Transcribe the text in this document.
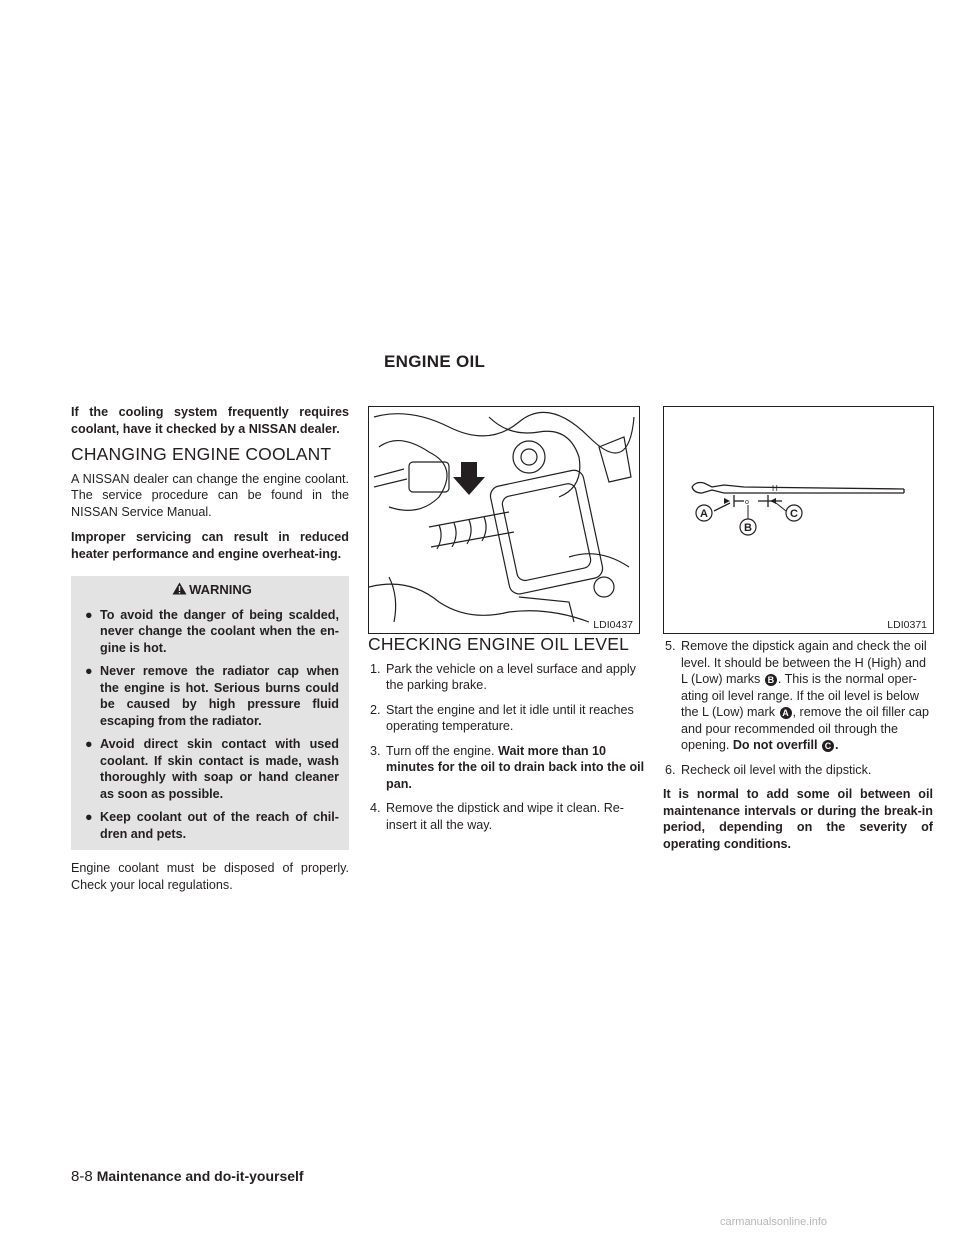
ENGINE OIL

If the cooling system frequently requires coolant, have it checked by a NISSAN dealer.

CHANGING ENGINE COOLANT

A NISSAN dealer can change the engine coolant. The service procedure can be found in the NISSAN Service Manual.

Improper servicing can result in reduced heater performance and engine overheat-ing.

WARNING
● To avoid the danger of being scalded, never change the coolant when the en-gine is hot.
● Never remove the radiator cap when the engine is hot. Serious burns could be caused by high pressure fluid escaping from the radiator.
● Avoid direct skin contact with used coolant. If skin contact is made, wash thoroughly with soap or hand cleaner as soon as possible.
● Keep coolant out of the reach of chil-dren and pets.

Engine coolant must be disposed of properly. Check your local regulations.

LDI0437
o
H
A
B
C
LDI0371
CHECKING ENGINE OIL LEVEL
1. Park the vehicle on a level surface and apply the parking brake.
2. Start the engine and let it idle until it reaches operating temperature.
3. Turn off the engine. Wait more than 10 minutes for the oil to drain back into the oil pan.
4. Remove the dipstick and wipe it clean. Re-insert it all the way.
5. Remove the dipstick again and check the oil level. It should be between the H (High) and L (Low) marks B . This is the normal oper-ating oil level range. If the oil level is below the L (Low) mark A , remove the oil filler cap and pour recommended oil through the opening. Do not overfill C .
6. Recheck oil level with the dipstick.

It is normal to add some oil between oil maintenance intervals or during the break-in period, depending on the severity of operating conditions.

8-8 Maintenance and do-it-yourself
carmanualsonline.info
